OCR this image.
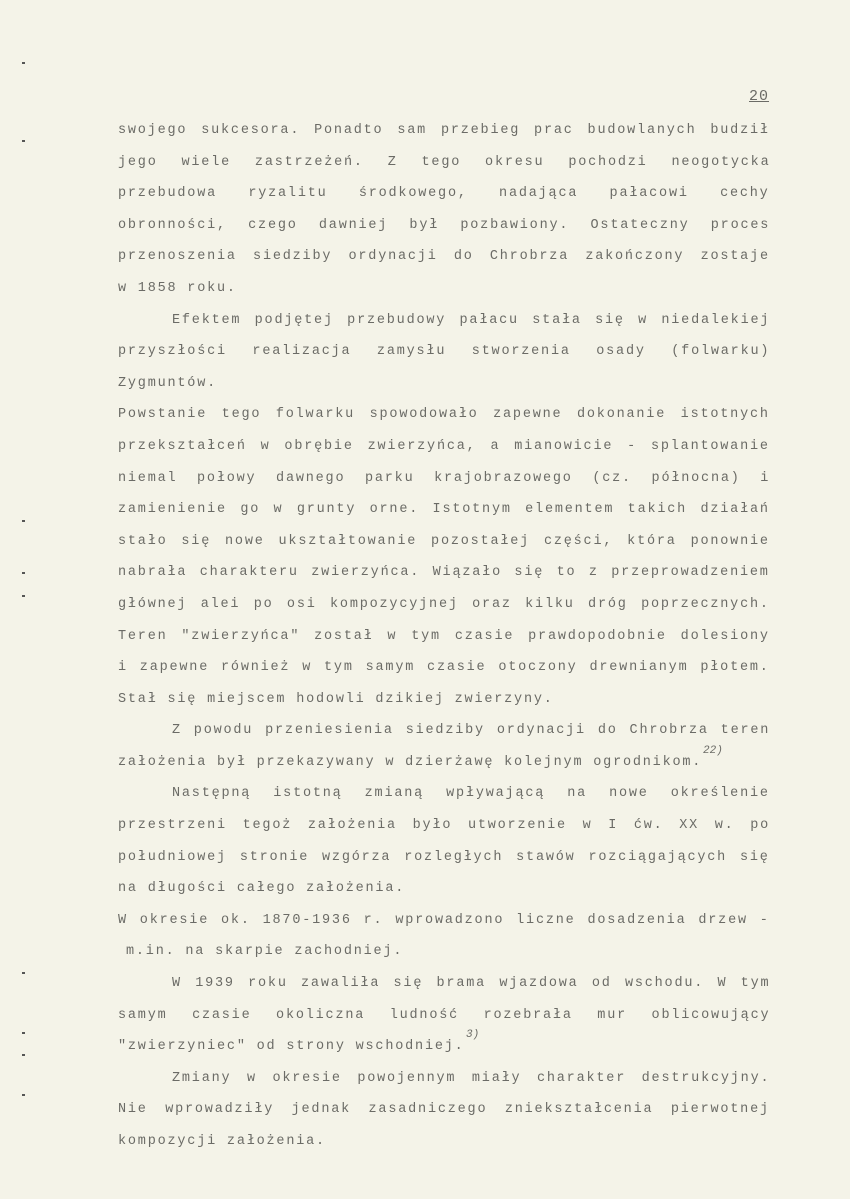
20
swojego sukcesora. Ponadto sam przebieg prac budowlanych budził
jego wiele zastrzeżeń. Z tego okresu pochodzi neogotycka
przebudowa ryzalitu środkowego, nadająca pałacowi cechy
obronności, czego dawniej był pozbawiony. Ostateczny proces
przenoszenia siedziby ordynacji do Chrobrza zakończony zostaje
w 1858 roku.
Efektem podjętej przebudowy pałacu stała się w niedalekiej
przyszłości realizacja zamysłu stworzenia osady (folwarku)
Zygmuntów.
Powstanie tego folwarku spowodowało zapewne dokonanie istotnych
przekształceń w obrębie zwierzyńca, a mianowicie - splantowanie
niemal połowy dawnego parku krajobrazowego (cz. północna) i
zamienienie go w grunty orne. Istotnym elementem takich działań
stało się nowe ukształtowanie pozostałej części, która ponownie
nabrała charakteru zwierzyńca. Wiązało się to z przeprowadzeniem
głównej alei po osi kompozycyjnej oraz kilku dróg poprzecznych.
Teren "zwierzyńca" został w tym czasie prawdopodobnie dolesiony
i zapewne również w tym samym czasie otoczony drewnianym płotem.
Stał się miejscem hodowli dzikiej zwierzyny.
Z powodu przeniesienia siedziby ordynacji do Chrobrza teren
założenia był przekazywany w dzierżawę kolejnym ogrodnikom.
22)
Następną istotną zmianą wpływającą na nowe określenie
przestrzeni tegoż założenia było utworzenie w I ćw. XX w. po
południowej stronie wzgórza rozległych stawów rozciągających się
na długości całego założenia.
W okresie ok. 1870-1936 r. wprowadzono liczne dosadzenia drzew -
m.in. na skarpie zachodniej.
W 1939 roku zawaliła się brama wjazdowa od wschodu. W tym
samym czasie okoliczna ludność rozebrała mur oblicowujący
"zwierzyniec" od strony wschodniej.
3)
Zmiany w okresie powojennym miały charakter destrukcyjny.
Nie wprowadziły jednak zasadniczego zniekształcenia pierwotnej
kompozycji założenia.
